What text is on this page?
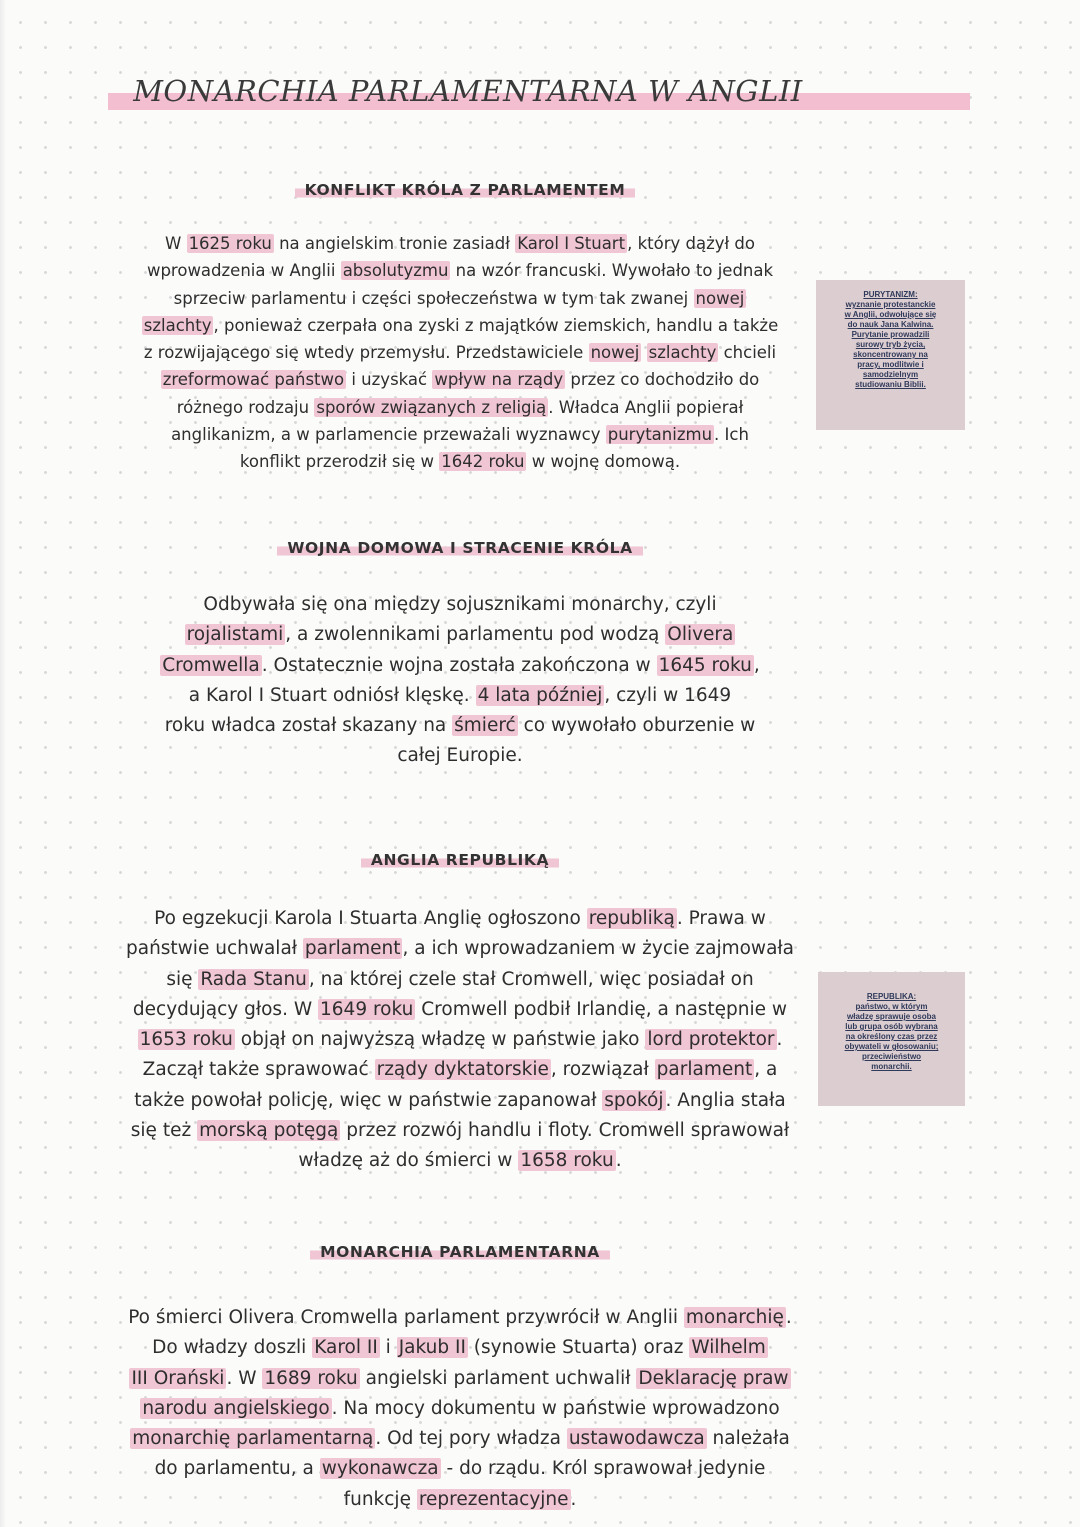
MONARCHIA PARLAMENTARNA W ANGLII
KONFLIKT KRÓLA Z PARLAMENTEM
W 1625 roku na angielskim tronie zasiadł Karol I Stuart , który dążył do
wprowadzenia w Anglii absolutyzmu na wzór francuski. Wywołało to jednak
sprzeciw parlamentu i części społeczeństwa w tym tak zwanej nowej
szlachty , ponieważ czerpała ona zyski z majątków ziemskich, handlu a także
z rozwijającego się wtedy przemysłu. Przedstawiciele nowej szlachty chcieli
zreformować państwo i uzyskać wpływ na rządy przez co dochodziło do
różnego rodzaju sporów związanych z religią . Władca Anglii popierał
anglikanizm, a w parlamencie przeważali wyznawcy purytanizmu . Ich
konflikt przerodził się w 1642 roku w wojnę domową.
PURYTANIZM:
wyznanie protestanckie
w Anglii, odwołujące się
do nauk Jana Kalwina.
Purytanie prowadzili
surowy tryb życia,
skoncentrowany na
pracy, modlitwie i
samodzielnym
studiowaniu Biblii.
WOJNA DOMOWA I STRACENIE KRÓLA
Odbywała się ona między sojusznikami monarchy, czyli
rojalistami , a zwolennikami parlamentu pod wodzą Olivera
Cromwella . Ostatecznie wojna została zakończona w 1645 roku ,
a Karol I Stuart odniósł klęskę. 4 lata później , czyli w 1649
roku władca został skazany na śmierć co wywołało oburzenie w
całej Europie.
ANGLIA REPUBLIKĄ
Po egzekucji Karola I Stuarta Anglię ogłoszono republiką . Prawa w
państwie uchwalał parlament , a ich wprowadzaniem w życie zajmowała
się Rada Stanu , na której czele stał Cromwell, więc posiadał on
decydujący głos. W 1649 roku Cromwell podbił Irlandię, a następnie w
1653 roku objął on najwyższą władzę w państwie jako lord protektor .
Zaczął także sprawować rządy dyktatorskie , rozwiązał parlament , a
także powołał policję, więc w państwie zapanował spokój . Anglia stała
się też morską potęgą przez rozwój handlu i floty. Cromwell sprawował
władzę aż do śmierci w 1658 roku .
REPUBLIKA:
państwo, w którym
władzę sprawuje osoba
lub grupa osób wybrana
na określony czas przez
obywateli w głosowaniu;
przeciwieństwo
monarchii.
MONARCHIA PARLAMENTARNA
Po śmierci Olivera Cromwella parlament przywrócił w Anglii monarchię .
Do władzy doszli Karol II i Jakub II (synowie Stuarta) oraz Wilhelm
III Orański . W 1689 roku angielski parlament uchwalił Deklarację praw
narodu angielskiego . Na mocy dokumentu w państwie wprowadzono
monarchię parlamentarną . Od tej pory władza ustawodawcza należała
do parlamentu, a wykonawcza - do rządu. Król sprawował jedynie
funkcję reprezentacyjne .
